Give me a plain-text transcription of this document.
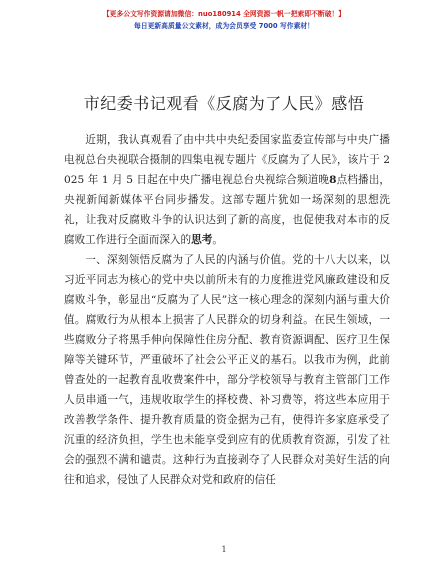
【更多公文写作资源请加微信：nuo180914 全网资源一帆一把索即不断破！】
每日更新高质量公文素材，成为会员享受 7000 写作素材！
市纪委书记观看《反腐为了人民》感悟

近期，我认真观看了由中共中央纪委国家监委宣传部与中央广播电视总台央视联合摄制的四集电视专题片《反腐为了人民》，该片于 2025 年 1 月 5 日起在中央广播电视总台央视综合频道晚8点档播出，央视新闻新媒体平台同步播发。这部专题片犹如一场深刻的思想洗礼，让我对反腐败斗争的认识达到了新的高度，也促使我对本市的反腐败工作进行全面而深入的思考。

一、深刻领悟反腐为了人民的内涵与价值。党的十八大以来，以习近平同志为核心的党中央以前所未有的力度推进党风廉政建设和反腐败斗争，彰显出“反腐为了人民”这一核心理念的深刻内涵与重大价值。腐败行为从根本上损害了人民群众的切身利益。在民生领域，一些腐败分子将黑手伸向保障性住房分配、教育资源调配、医疗卫生保障等关键环节，严重破坏了社会公平正义的基石。以我市为例，此前曾查处的一起教育乱收费案件中，部分学校领导与教育主管部门工作人员串通一气，违规收取学生的择校费、补习费等，将这些本应用于改善教学条件、提升教育质量的资金据为己有，使得许多家庭承受了沉重的经济负担，学生也未能享受到应有的优质教育资源，引发了社会的强烈不满和谴责。这种行为直接剥夺了人民群众对美好生活的向往和追求，侵蚀了人民群众对党和政府的信任

1
